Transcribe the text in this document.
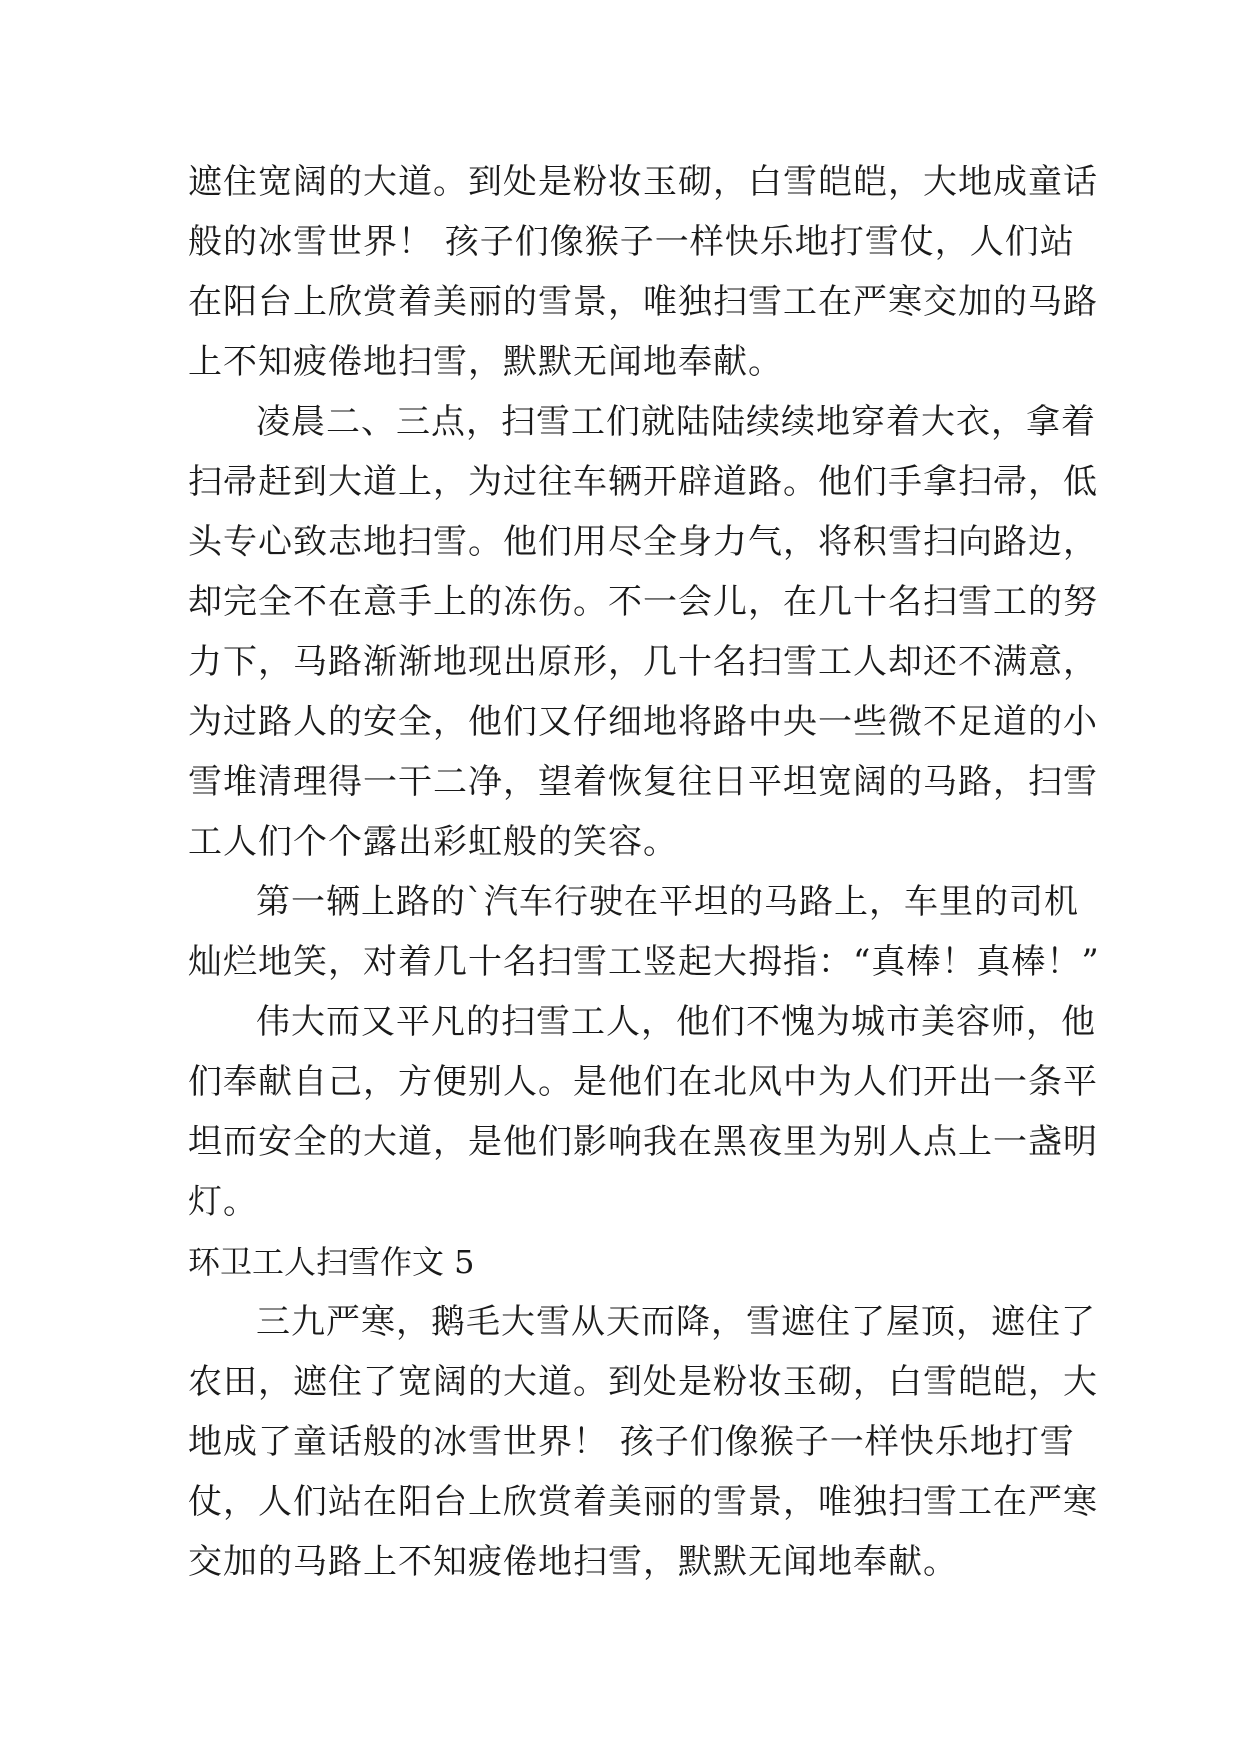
遮住宽阔的大道。到处是粉妆玉砌，白雪皑皑，大地成童话
般的冰雪世界！ 孩子们像猴子一样快乐地打雪仗，人们站
在阳台上欣赏着美丽的雪景，唯独扫雪工在严寒交加的马路
上不知疲倦地扫雪，默默无闻地奉献。
凌晨二、三点，扫雪工们就陆陆续续地穿着大衣，拿着
扫帚赶到大道上，为过往车辆开辟道路。他们手拿扫帚，低
头专心致志地扫雪。他们用尽全身力气，将积雪扫向路边，
却完全不在意手上的冻伤。不一会儿，在几十名扫雪工的努
力下，马路渐渐地现出原形，几十名扫雪工人却还不满意，
为过路人的安全，他们又仔细地将路中央一些微不足道的小
雪堆清理得一干二净，望着恢复往日平坦宽阔的马路，扫雪
工人们个个露出彩虹般的笑容。
第一辆上路的`汽车行驶在平坦的马路上，车里的司机
灿烂地笑，对着几十名扫雪工竖起大拇指：“真棒！真棒！”
伟大而又平凡的扫雪工人，他们不愧为城市美容师，他
们奉献自己，方便别人。是他们在北风中为人们开出一条平
坦而安全的大道，是他们影响我在黑夜里为别人点上一盏明
灯。
环卫工人扫雪作文 5
三九严寒，鹅毛大雪从天而降，雪遮住了屋顶，遮住了
农田，遮住了宽阔的大道。到处是粉妆玉砌，白雪皑皑，大
地成了童话般的冰雪世界！ 孩子们像猴子一样快乐地打雪
仗，人们站在阳台上欣赏着美丽的雪景，唯独扫雪工在严寒
交加的马路上不知疲倦地扫雪，默默无闻地奉献。
